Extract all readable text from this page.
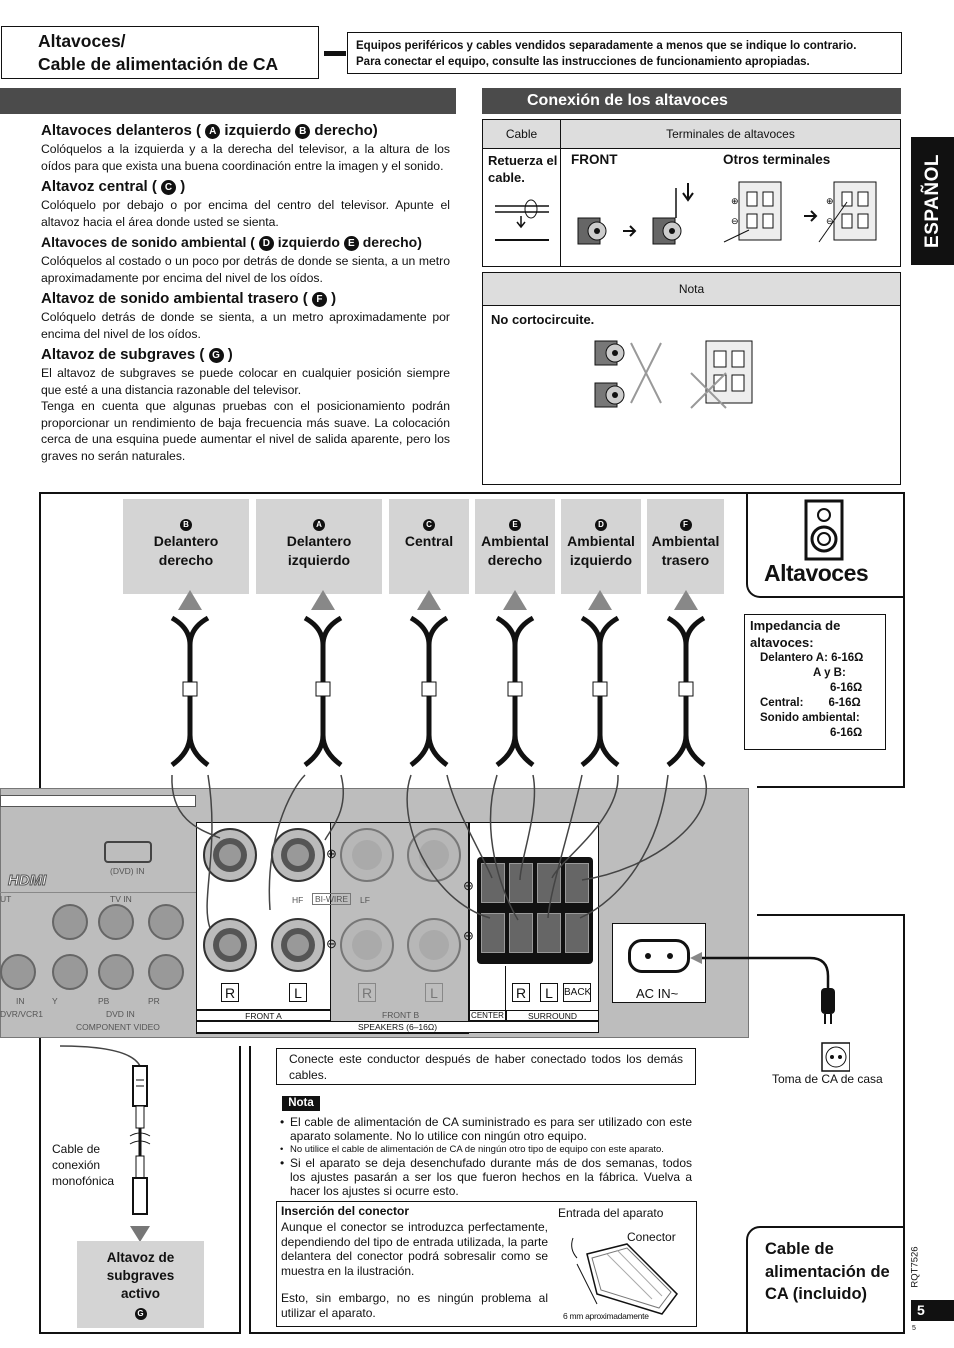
Altavoces/
Cable de alimentación de CA
Equipos periféricos y cables vendidos separadamente a menos que se indique lo contrario.
Para conectar el equipo, consulte las instrucciones de funcionamiento apropiadas.
ESPAÑOL
Altavoces delanteros ( A izquierdo B derecho)
Colóquelos a la izquierda y a la derecha del televisor, a la altura de los oídos para que exista una buena coordinación entre la imagen y el sonido.
Altavoz central ( C )
Colóquelo por debajo o por encima del centro del televisor. Apunte el altavoz hacia el área donde usted se sienta.
Altavoces de sonido ambiental ( D izquierdo E derecho)
Colóquelos al costado o un poco por detrás de donde se sienta, a un metro aproximadamente por encima del nivel de los oídos.
Altavoz de sonido ambiental trasero ( F )
Colóquelo detrás de donde se sienta, a un metro aproximadamente por encima del nivel de los oídos.
Altavoz de subgraves ( G )
El altavoz de subgraves se puede colocar en cualquier posición siempre que esté a una distancia razonable del televisor.
Tenga en cuenta que algunas pruebas con el posicionamiento podrán proporcionar un rendimiento de baja frecuencia más suave. La colocación cerca de una esquina puede aumentar el nivel de salida aparente, pero los graves no serán naturales.
Conexión de los altavoces
Cable	Terminales de altavoces
Retuerza el cable.
FRONT	Otros terminales
⊕
⊖
⊕
⊖
Nota
No cortocircuite.
B
Delantero
derecho
A
Delantero
izquierdo
C
Central

E
Ambiental
derecho
D
Ambiental
izquierdo
F
Ambiental
trasero	Altavoces
Impedancia de altavoces:
Delantero A: 6-16Ω
A y B:
6-16Ω
Central: 6-16Ω
Sonido ambiental:
6-16Ω
(DVD) IN
HDMI
UT	TV IN
Y	PB	PR
IN
DVR/VCR1	DVD IN
COMPONENT VIDEO
⊕
⊖
HF	BI-WIRE	LF
R	L	R	L
FRONT A	FRONT B
⊕
⊖
R	L	BACK
CENTER	SURROUND
SPEAKERS (6–16Ω)
AC IN~
Toma de CA de casa
Cable de conexión monofónica
Altavoz de
subgraves
activo
G
Conecte este conductor después de haber conectado todos los demás cables.
Nota
• El cable de alimentación de CA suministrado es para ser utilizado con este aparato solamente. No lo utilice con ningún otro equipo.
• No utilice el cable de alimentación de CA de ningún otro tipo de equipo con este aparato.
• Si el aparato se deja desenchufado durante más de dos semanas, todos los ajustes pasarán a ser los que fueron hechos en la fábrica. Vuelva a hacer los ajustes si ocurre esto.
Inserción del conector
Aunque el conector se introduzca perfectamente, dependiendo del tipo de entrada utilizada, la parte delantera del conector podrá sobresalir como se muestra en la ilustración.
Esto, sin embargo, no es ningún problema al utilizar el aparato.
Entrada del aparato
Conector
6 mm aproximadamente
Cable de alimentación de CA (incluido)
RQT7526
5
5
